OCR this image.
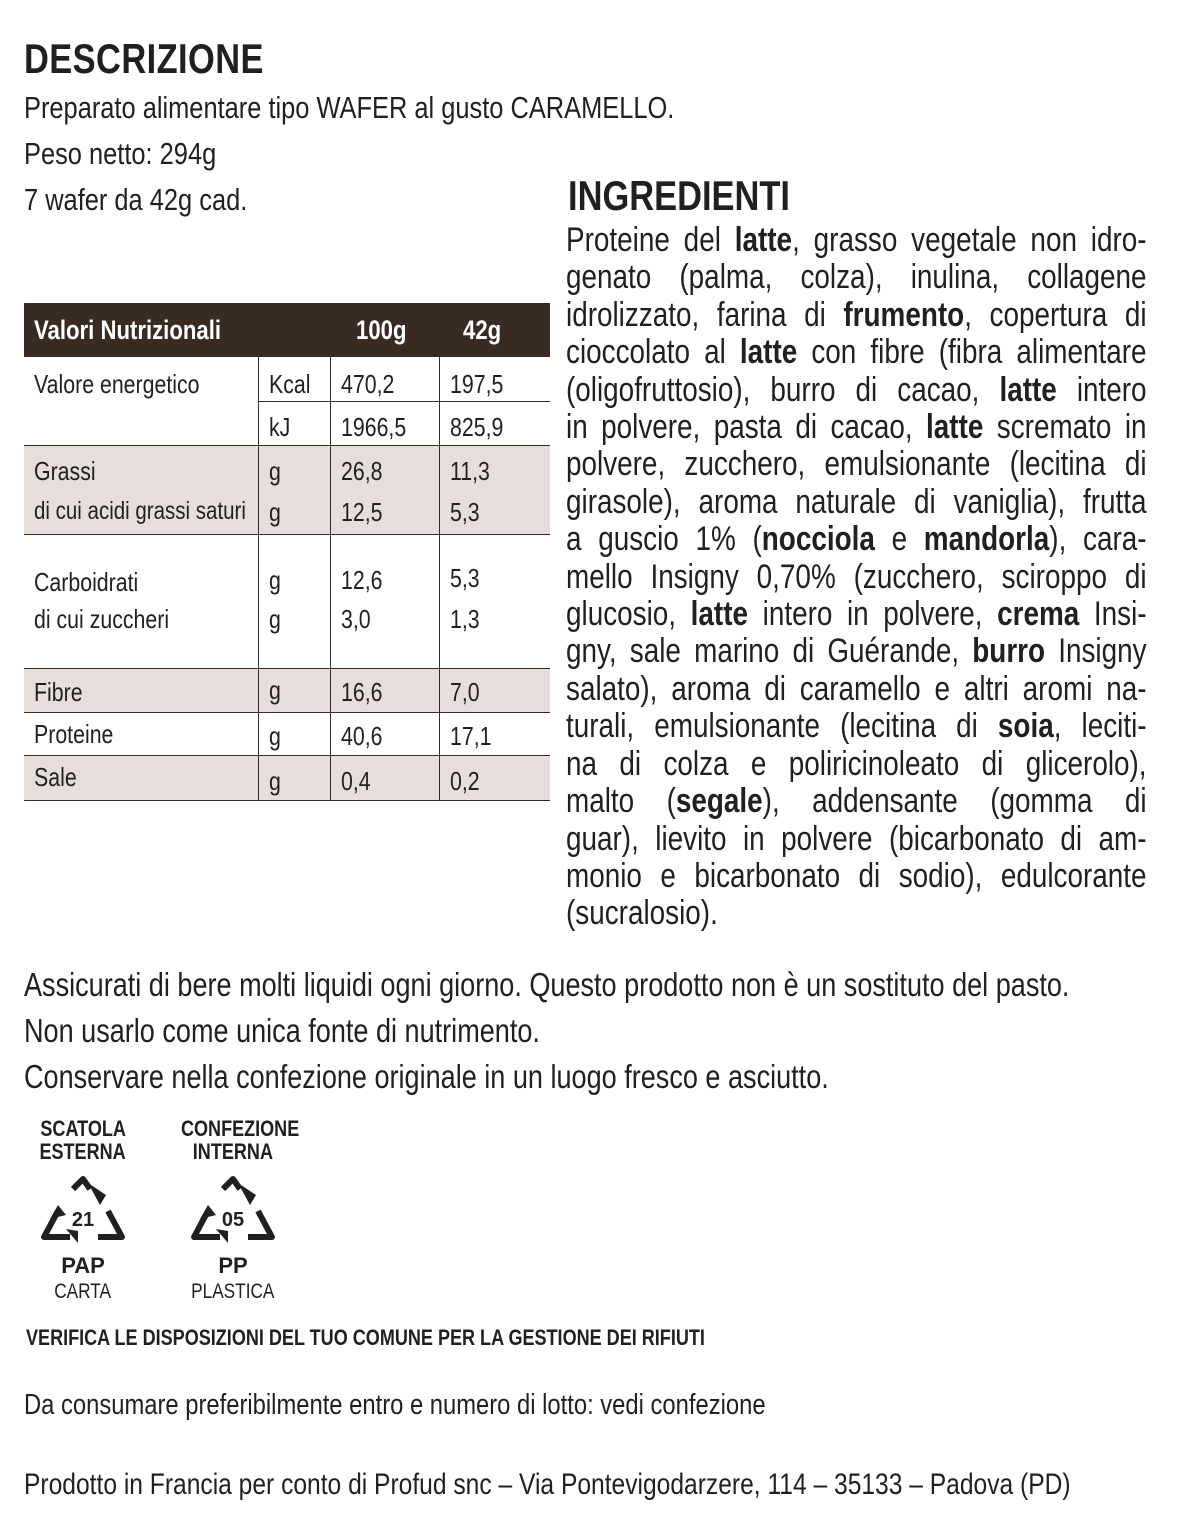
DESCRIZIONE
Preparato alimentare tipo WAFER al gusto CARAMELLO.
Peso netto: 294g
7 wafer da 42g cad.
Valori Nutrizionali		100g	42g
Valore energetico	Kcal	470,2	197,5
	kJ	1966,5	825,9
Grassi	g	26,8	11,3
di cui acidi grassi saturi	g	12,5	5,3
Carboidrati	g	12,6	5,3
di cui zuccheri	g	3,0	1,3
Fibre	g	16,6	7,0
Proteine	g	40,6	17,1
Sale	g	0,4	0,2
INGREDIENTI
Proteine del latte, grasso vegetale non idro-
genato (palma, colza), inulina, collagene
idrolizzato, farina di frumento, copertura di
cioccolato al latte con fibre (fibra alimentare
(oligofruttosio), burro di cacao, latte intero
in polvere, pasta di cacao, latte scremato in
polvere, zucchero, emulsionante (lecitina di
girasole), aroma naturale di vaniglia), frutta
a guscio 1% (nocciola e mandorla), cara-
mello Insigny 0,70% (zucchero, sciroppo di
glucosio, latte intero in polvere, crema Insi-
gny, sale marino di Guérande, burro Insigny
salato), aroma di caramello e altri aromi na-
turali, emulsionante (lecitina di soia, leciti-
na di colza e poliricinoleato di glicerolo),
malto (segale), addensante (gomma di
guar), lievito in polvere (bicarbonato di am-
monio e bicarbonato di sodio), edulcorante
(sucralosio).
Assicurati di bere molti liquidi ogni giorno. Questo prodotto non è un sostituto del pasto.
Non usarlo come unica fonte di nutrimento.
Conservare nella confezione originale in un luogo fresco e asciutto.
SCATOLA
ESTERNA
21
PAP
CARTA
CONFEZIONE
INTERNA
05
PP
PLASTICA
VERIFICA LE DISPOSIZIONI DEL TUO COMUNE PER LA GESTIONE DEI RIFIUTI
Da consumare preferibilmente entro e numero di lotto: vedi confezione
Prodotto in Francia per conto di Profud snc – Via Pontevigodarzere, 114 – 35133 – Padova (PD)
